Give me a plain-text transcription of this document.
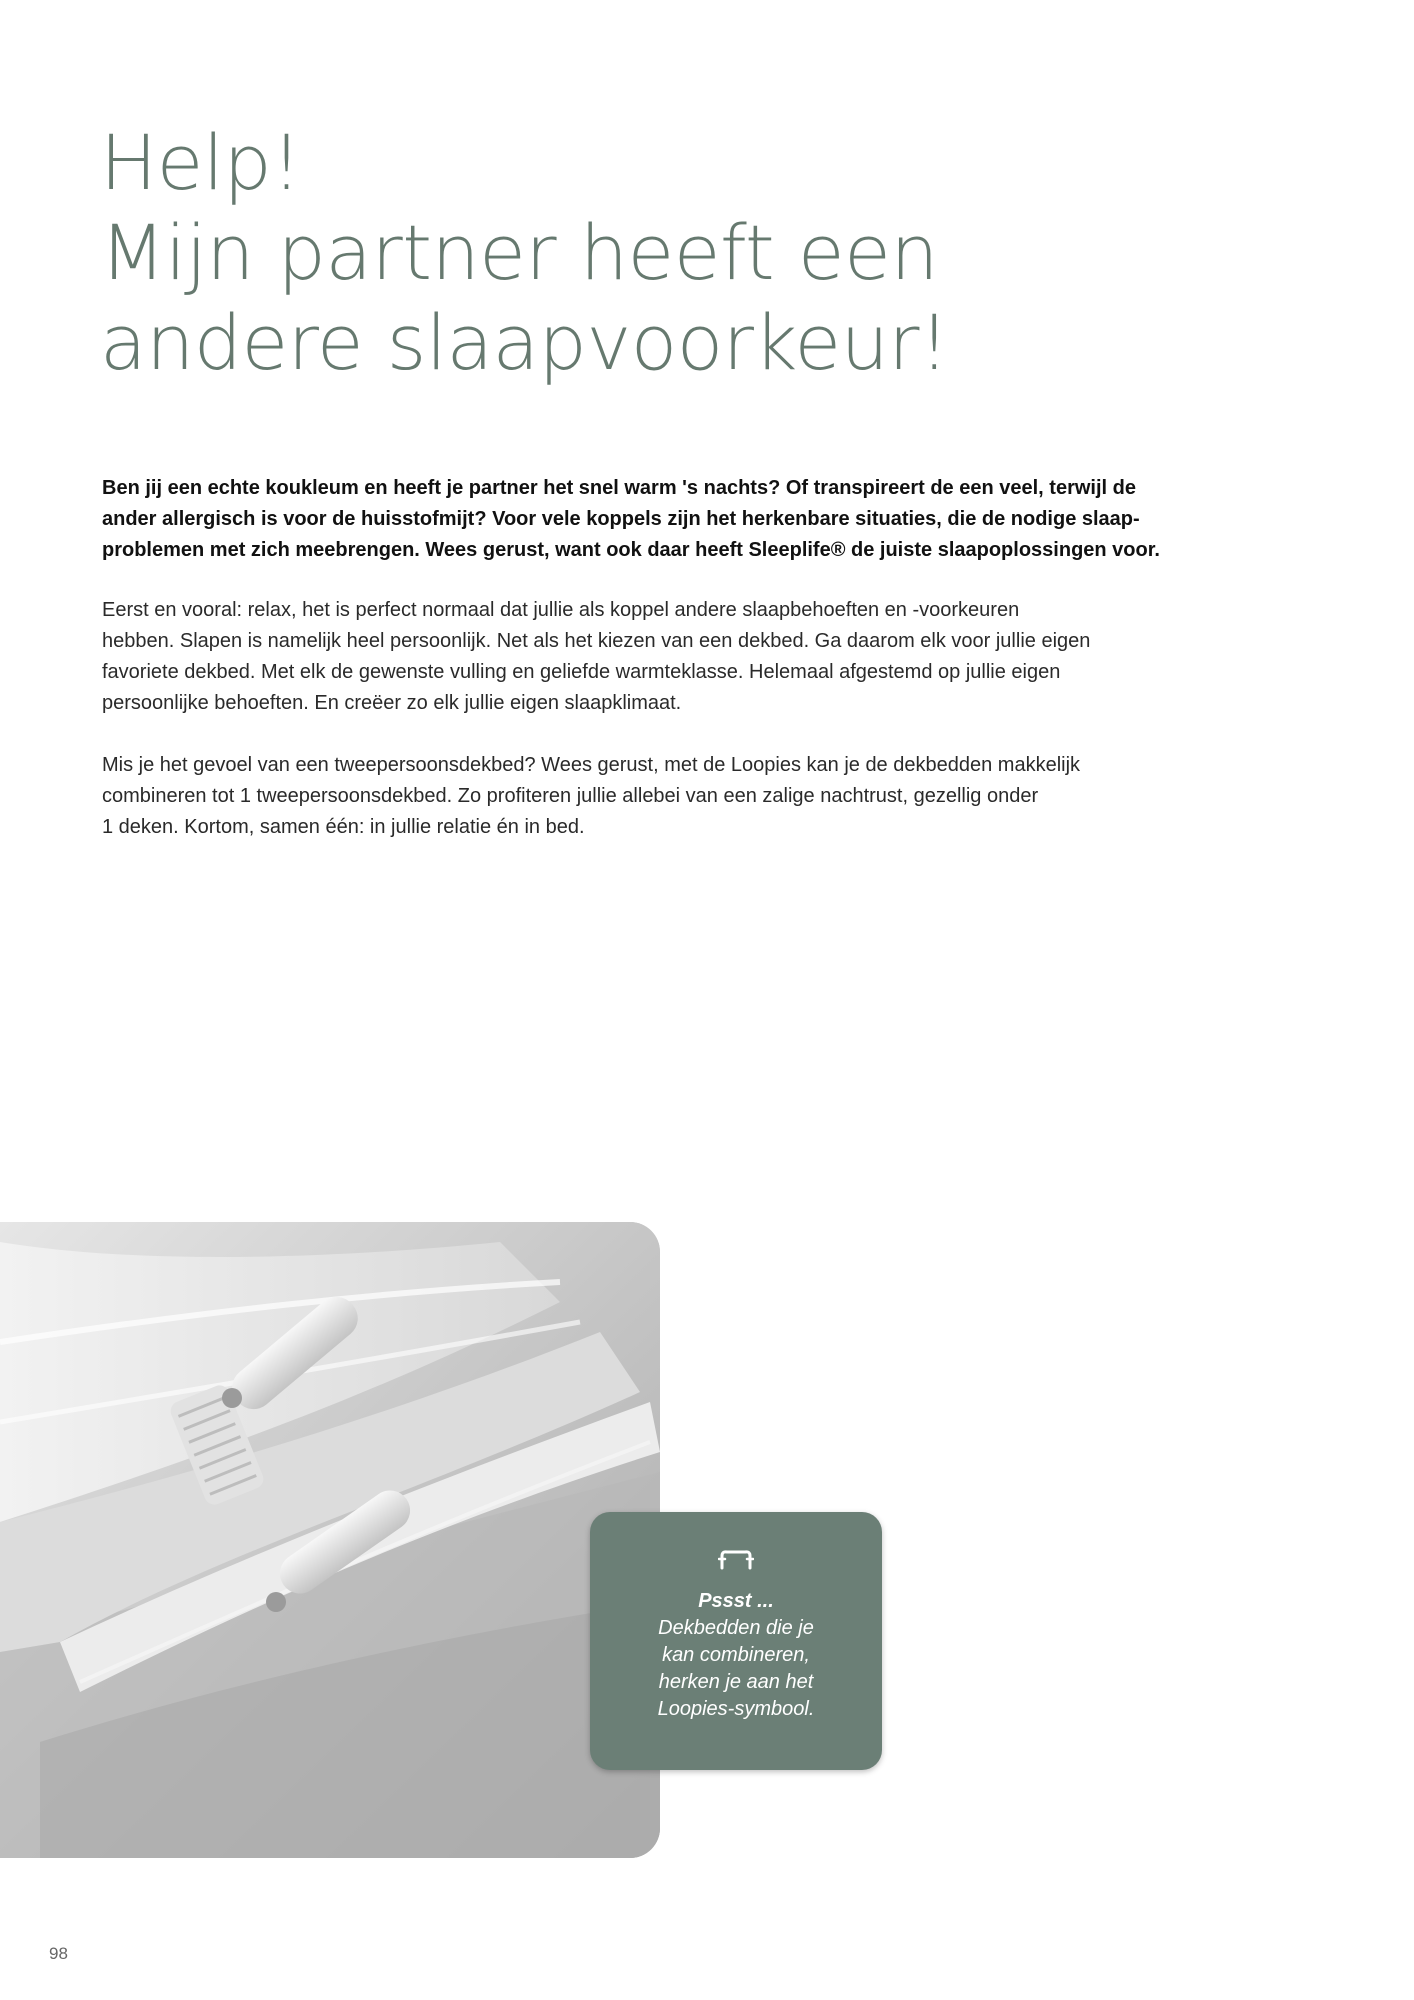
Help!
Mijn partner heeft een
andere slaapvoorkeur!

Ben jij een echte koukleum en heeft je partner het snel warm 's nachts? Of transpireert de een veel, terwijl de
ander allergisch is voor de huisstofmijt? Voor vele koppels zijn het herkenbare situaties, die de nodige slaap-
problemen met zich meebrengen. Wees gerust, want ook daar heeft Sleeplife® de juiste slaapoplossingen voor.

Eerst en vooral: relax, het is perfect normaal dat jullie als koppel andere slaapbehoeften en -voorkeuren
hebben. Slapen is namelijk heel persoonlijk. Net als het kiezen van een dekbed. Ga daarom elk voor jullie eigen
favoriete dekbed. Met elk de gewenste vulling en geliefde warmteklasse. Helemaal afgestemd op jullie eigen
persoonlijke behoeften. En creëer zo elk jullie eigen slaapklimaat.

Mis je het gevoel van een tweepersoonsdekbed? Wees gerust, met de Loopies kan je de dekbedden makkelijk
combineren tot 1 tweepersoonsdekbed. Zo profiteren jullie allebei van een zalige nachtrust, gezellig onder
1 deken. Kortom, samen één: in jullie relatie én in bed.

Pssst ...
Dekbedden die je
kan combineren,
herken je aan het
Loopies-symbool.
98
